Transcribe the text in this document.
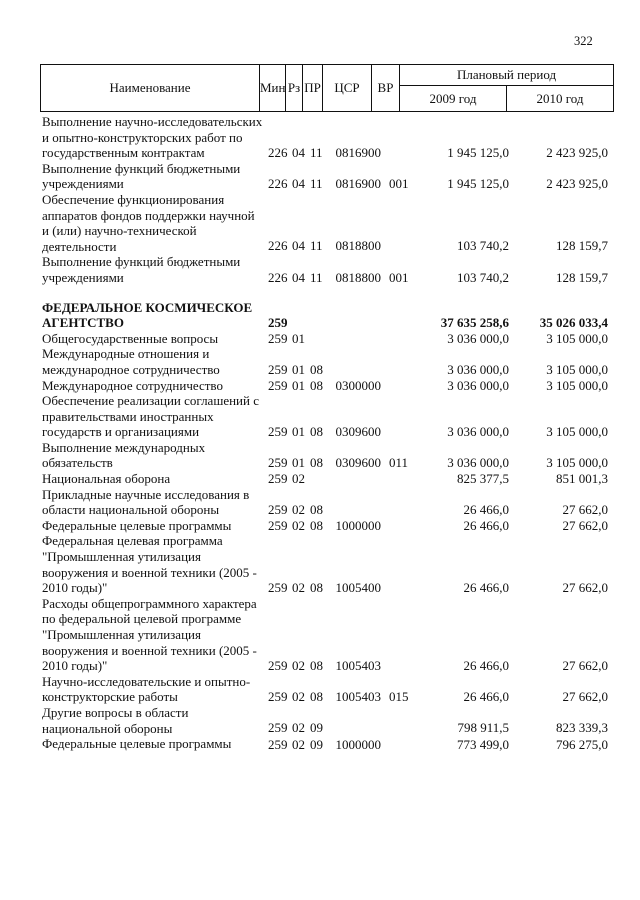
322
Наименование	Мин	Рз	ПР	ЦСР	ВР	Плановый период	
						2009 год	2010 год
Выполнение научно-исследовательских и опытно-конструкторских работ по государственным контрактам	226 04 11 0816900	1 945 125,0	2 423 925,0
Выполнение функций бюджетными учреждениями	226 04 11 0816900 001	1 945 125,0	2 423 925,0
Обеспечение функционирования аппаратов фондов поддержки научной и (или) научно-технической деятельности	226 04 11 0818800	103 740,2	128 159,7
Выполнение функций бюджетными учреждениями	226 04 11 0818800 001	103 740,2	128 159,7
ФЕДЕРАЛЬНОЕ КОСМИЧЕСКОЕ АГЕНТСТВО	259	37 635 258,6	35 026 033,4
Общегосударственные вопросы	259 01	3 036 000,0	3 105 000,0
Международные отношения и международное сотрудничество	259 01 08	3 036 000,0	3 105 000,0
Международное сотрудничество	259 01 08 0300000	3 036 000,0	3 105 000,0
Обеспечение реализации соглашений с правительствами иностранных государств и организациями	259 01 08 0309600	3 036 000,0	3 105 000,0
Выполнение международных обязательств	259 01 08 0309600 011	3 036 000,0	3 105 000,0
Национальная оборона	259 02	825 377,5	851 001,3
Прикладные научные исследования в области национальной обороны	259 02 08	26 466,0	27 662,0
Федеральные целевые программы	259 02 08 1000000	26 466,0	27 662,0
Федеральная целевая программа "Промышленная утилизация вооружения и военной техники (2005 - 2010 годы)"	259 02 08 1005400	26 466,0	27 662,0
Расходы общепрограммного характера по федеральной целевой программе "Промышленная утилизация вооружения и военной техники (2005 - 2010 годы)"	259 02 08 1005403	26 466,0	27 662,0
Научно-исследовательские и опытно-конструкторские работы	259 02 08 1005403 015	26 466,0	27 662,0
Другие вопросы в области национальной обороны	259 02 09	798 911,5	823 339,3
Федеральные целевые программы	259 02 09 1000000	773 499,0	796 275,0
